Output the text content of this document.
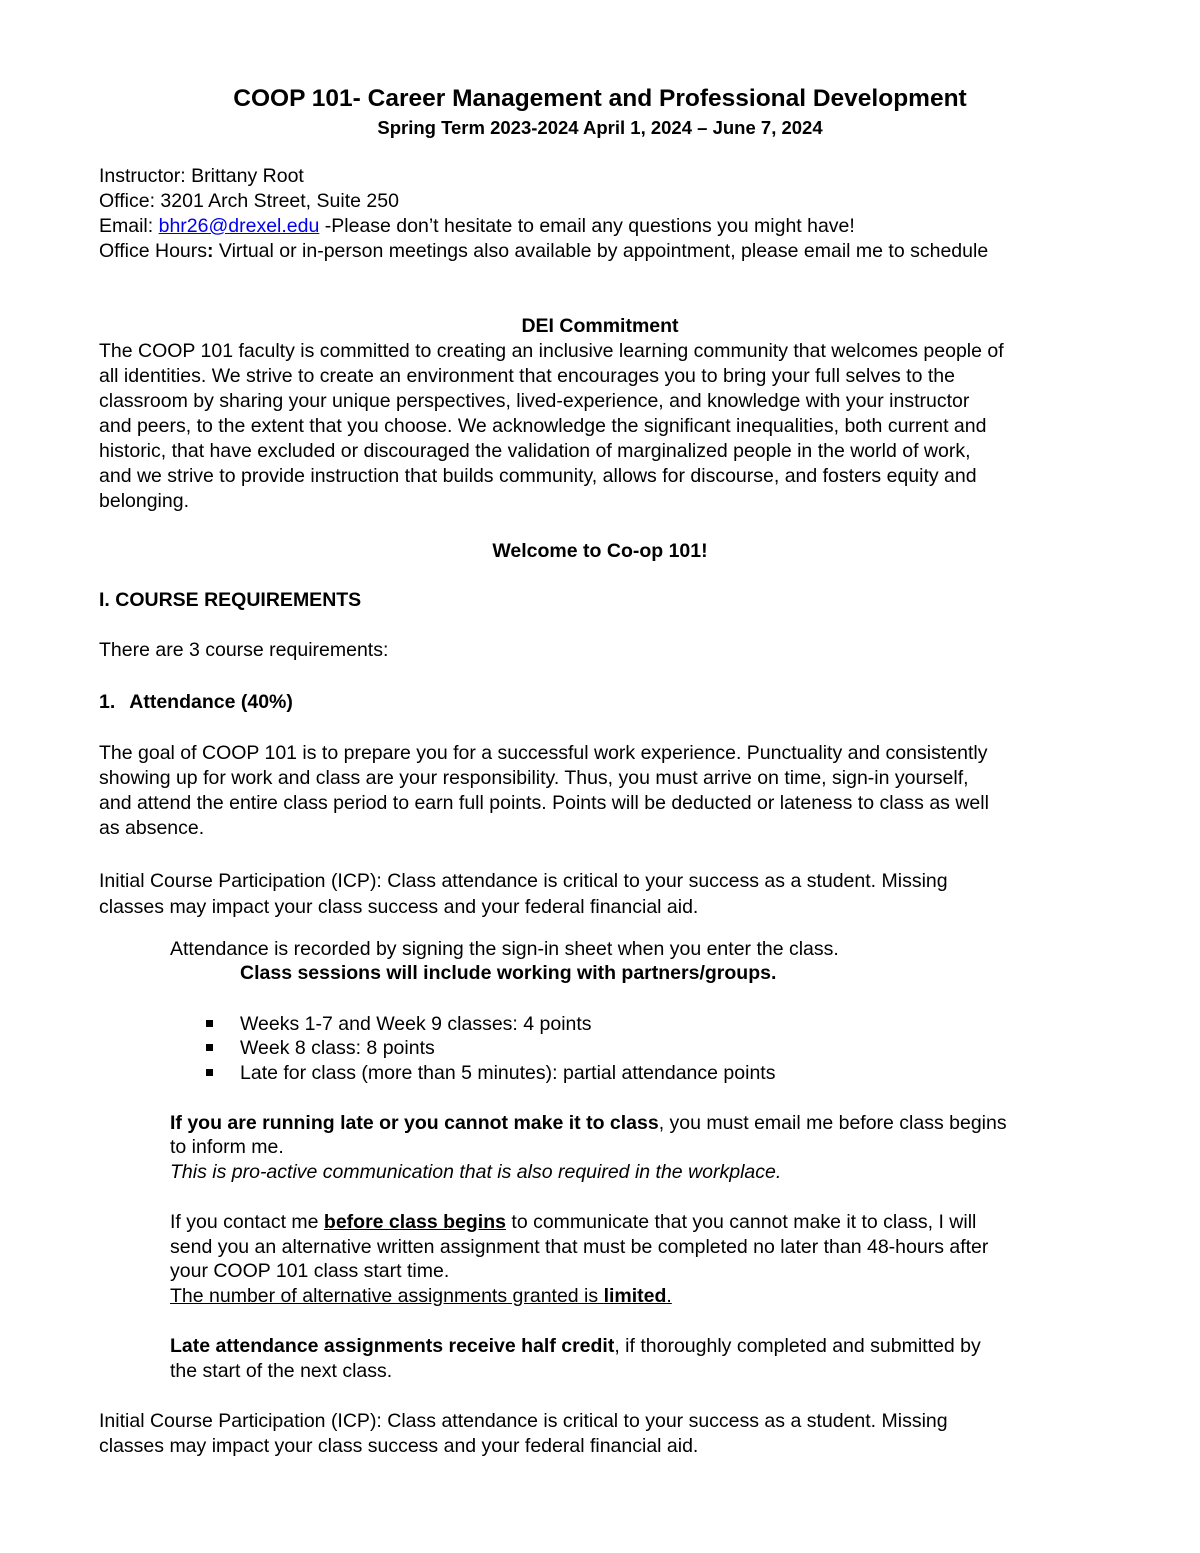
COOP 101- Career Management and Professional Development
Spring Term 2023-2024 April 1, 2024 – June 7, 2024
Instructor: Brittany Root
Office: 3201 Arch Street, Suite 250
Email: bhr26@drexel.edu -Please don’t hesitate to email any questions you might have!
Office Hours: Virtual or in-person meetings also available by appointment, please email me to schedule
DEI Commitment
The COOP 101 faculty is committed to creating an inclusive learning community that welcomes people of
all identities. We strive to create an environment that encourages you to bring your full selves to the
classroom by sharing your unique perspectives, lived-experience, and knowledge with your instructor
and peers, to the extent that you choose. We acknowledge the significant inequalities, both current and
historic, that have excluded or discouraged the validation of marginalized people in the world of work,
and we strive to provide instruction that builds community, allows for discourse, and fosters equity and
belonging.
Welcome to Co-op 101!
I. COURSE REQUIREMENTS
There are 3 course requirements:
1. Attendance (40%)
The goal of COOP 101 is to prepare you for a successful work experience. Punctuality and consistently
showing up for work and class are your responsibility. Thus, you must arrive on time, sign-in yourself,
and attend the entire class period to earn full points. Points will be deducted or lateness to class as well
as absence.
Initial Course Participation (ICP): Class attendance is critical to your success as a student. Missing
classes may impact your class success and your federal financial aid.
Attendance is recorded by signing the sign-in sheet when you enter the class.
Class sessions will include working with partners/groups.
Weeks 1-7 and Week 9 classes: 4 points
Week 8 class: 8 points
Late for class (more than 5 minutes): partial attendance points
If you are running late or you cannot make it to class, you must email me before class begins
to inform me.
This is pro-active communication that is also required in the workplace.
If you contact me before class begins to communicate that you cannot make it to class, I will
send you an alternative written assignment that must be completed no later than 48-hours after
your COOP 101 class start time.
The number of alternative assignments granted is limited.
Late attendance assignments receive half credit, if thoroughly completed and submitted by
the start of the next class.
Initial Course Participation (ICP): Class attendance is critical to your success as a student. Missing
classes may impact your class success and your federal financial aid.
